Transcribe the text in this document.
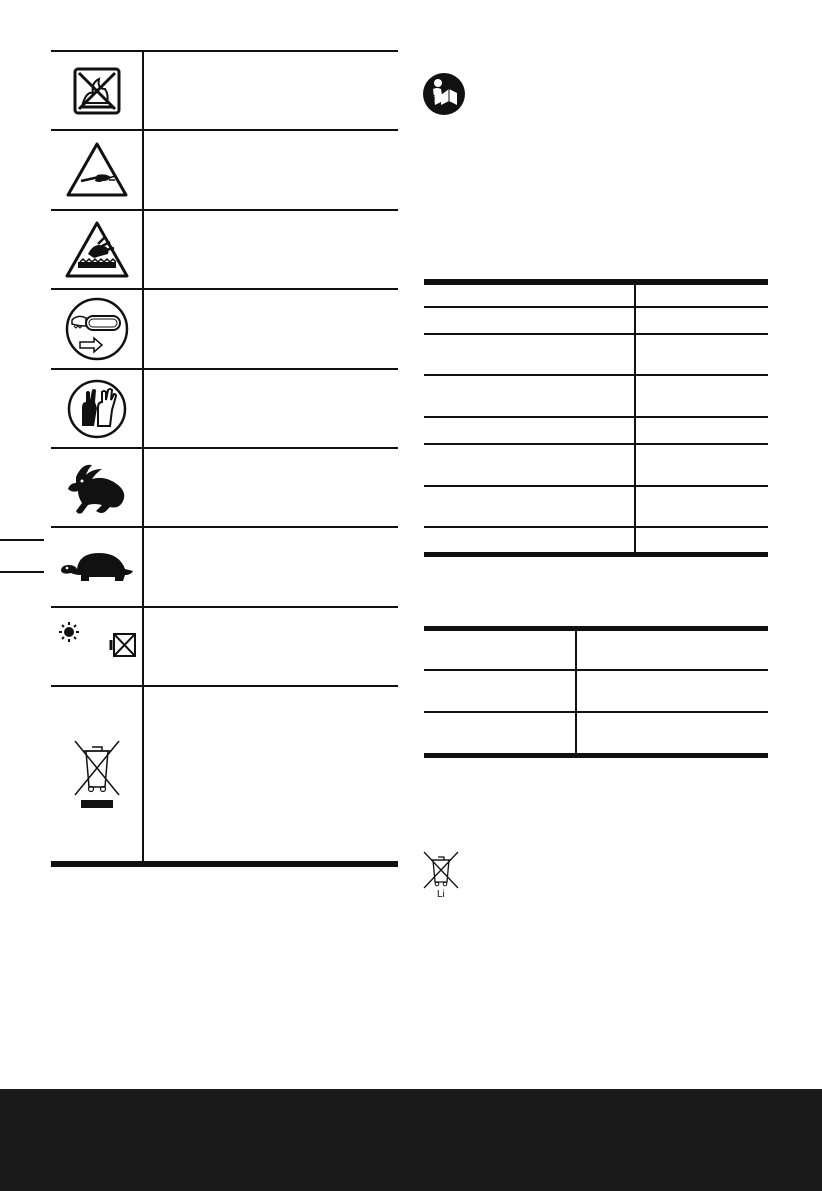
i
Li
